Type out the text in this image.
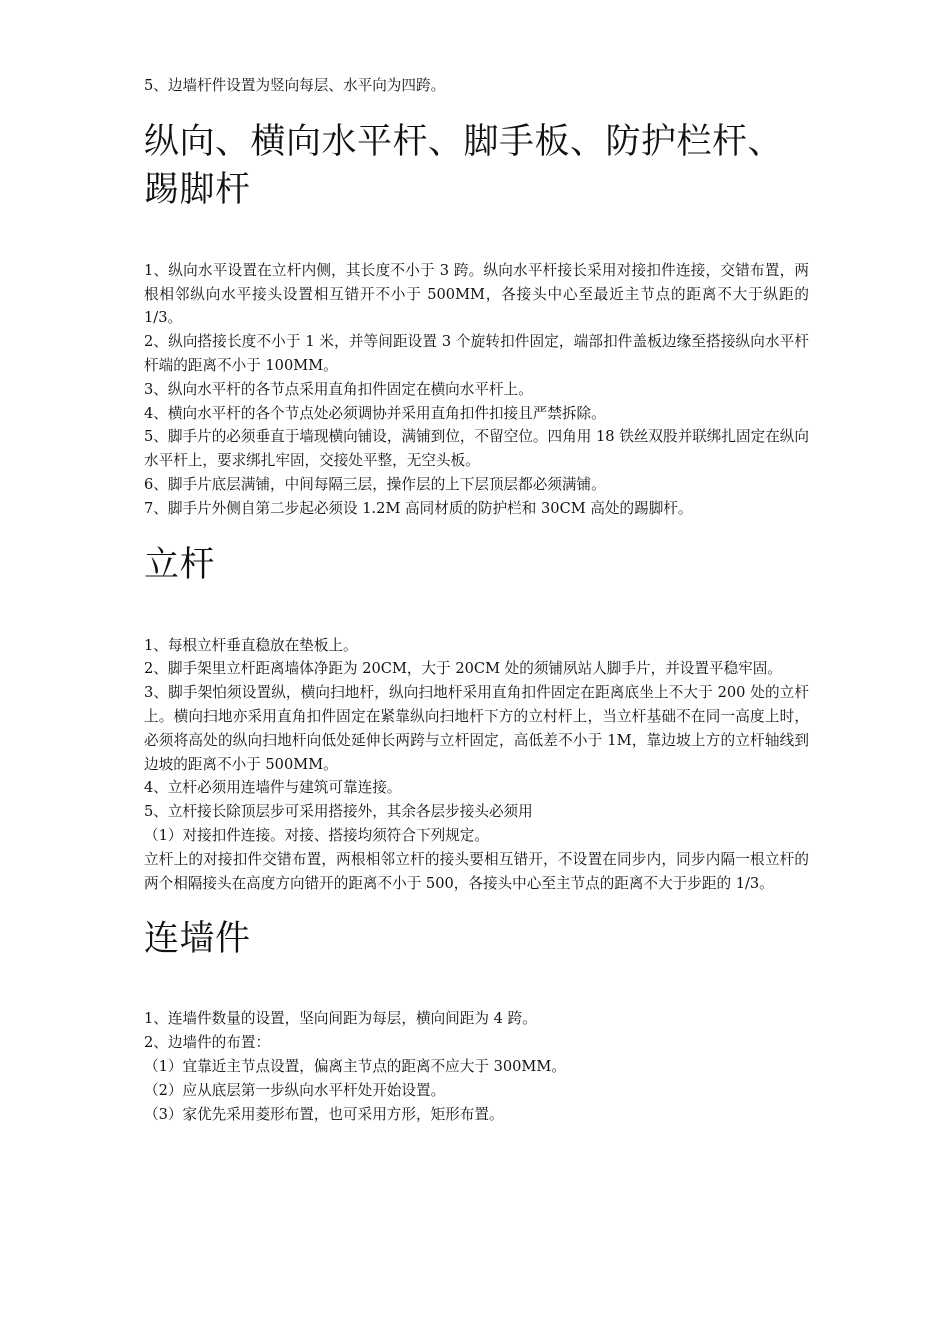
5、边墙杆件设置为竖向每层、水平向为四跨。

纵向、横向水平杆、脚手板、防护栏杆、
踢脚杆

1、纵向水平设置在立杆内侧，其长度不小于 3 跨。纵向水平杆接长采用对接扣件连接，交错布置，两根相邻纵向水平接头设置相互错开不小于 500MM，各接头中心至最近主节点的距离不大于纵距的 1/3。

2、纵向搭接长度不小于 1 米，并等间距设置 3 个旋转扣件固定，端部扣件盖板边缘至搭接纵向水平杆杆端的距离不小于 100MM。

3、纵向水平杆的各节点采用直角扣件固定在横向水平杆上。

4、横向水平杆的各个节点处必须调协并采用直角扣件扣接且严禁拆除。

5、脚手片的必须垂直于墙现横向铺设，满铺到位，不留空位。四角用 18 铁丝双股并联绑扎固定在纵向水平杆上，要求绑扎牢固，交接处平整，无空头板。

6、脚手片底层满铺，中间每隔三层，操作层的上下层顶层都必须满铺。

7、脚手片外侧自第二步起必须设 1.2M 高同材质的防护栏和 30CM 高处的踢脚杆。

立杆

1、每根立杆垂直稳放在垫板上。

2、脚手架里立杆距离墙体净距为 20CM，大于 20CM 处的须铺夙站人脚手片，并设置平稳牢固。

3、脚手架怕须设置纵，横向扫地杆，纵向扫地杆采用直角扣件固定在距离底坐上不大于 200 处的立杆上。横向扫地亦采用直角扣件固定在紧靠纵向扫地杆下方的立村杆上，当立杆基础不在同一高度上时，必须将高处的纵向扫地杆向低处延伸长两跨与立杆固定，高低差不小于 1M，靠边坡上方的立杆轴线到边坡的距离不小于 500MM。

4、立杆必须用连墙件与建筑可靠连接。

5、立杆接长除顶层步可采用搭接外，其余各层步接头必须用

（1）对接扣件连接。对接、搭接均须符合下列规定。

立杆上的对接扣件交错布置，两根相邻立杆的接头要相互错开，不设置在同步内，同步内隔一根立杆的两个相隔接头在高度方向错开的距离不小于 500，各接头中心至主节点的距离不大于步距的 1/3。

连墙件

1、连墙件数量的设置，坚向间距为每层，横向间距为 4 跨。

2、边墙件的布置：

（1）宜靠近主节点设置，偏离主节点的距离不应大于 300MM。

（2）应从底层第一步纵向水平杆处开始设置。

（3）家优先采用菱形布置，也可采用方形，矩形布置。
